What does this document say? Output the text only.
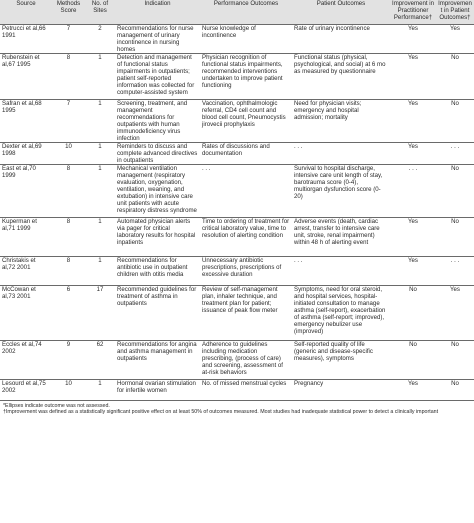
Source	Methods Score	No. of Sites	Indication	Performance Outcomes	Patient Outcomes	Improvement in Practitioner Performance†	Improvement in Patient Outcomes†
Petrucci et al,66 1991	7	2	Recommendations for nurse management of urinary incontinence in nursing homes	Nurse knowledge of incontinence	Rate of urinary incontinence	Yes	Yes
Rubenstein et al,67 1995	8	1	Detection and management of functional status impairments in outpatients; patient self-reported information was collected for computer-assisted system	Physician recognition of functional status impairments, recommended interventions undertaken to improve patient functioning	Functional status (physical, psychological, and social) at 6 mo as measured by questionnaire	Yes	No
Safran et al,68 1995	7	1	Screening, treatment, and management recommendations for outpatients with human immunodeficiency virus infection	Vaccination, ophthalmologic referral, CD4 cell count and blood cell count, Pneumocystis jirovecii prophylaxis	Need for physician visits; emergency and hospital admission; mortality	Yes	No
Dexter et al,69 1998	10	1	Reminders to discuss and complete advanced directives in outpatients	Rates of discussions and documentation	. . .	Yes	. . .
East et al,70 1999	8	1	Mechanical ventilation management (respiratory evaluation, oxygenation, ventilation, weaning, and extubation) in intensive care unit patients with acute respiratory distress syndrome	. . .	Survival to hospital discharge, intensive care unit length of stay, barotrauma score (0-4), multiorgan dysfunction score (0-20)	. . .	No
Kuperman et al,71 1999	8	1	Automated physician alerts via pager for critical laboratory results for hospital inpatients	Time to ordering of treatment for critical laboratory value, time to resolution of alerting condition	Adverse events (death, cardiac arrest, transfer to intensive care unit, stroke, renal impairment) within 48 h of alerting event	Yes	No
Christakis et al,72 2001	8	1	Recommendations for antibiotic use in outpatient children with otitis media	Unnecessary antibiotic prescriptions, prescriptions of excessive duration	. . .	Yes	. . .
McCowan et al,73 2001	6	17	Recommended guidelines for treatment of asthma in outpatients	Review of self-management plan, inhaler technique, and treatment plan for patient; issuance of peak flow meter	Symptoms, need for oral steroid, and hospital services, hospital-initiated consultation to manage asthma (self-report), exacerbation of asthma (self-report; improved), emergency nebulizer use (improved)	No	Yes
Eccles et al,74 2002	9	62	Recommendations for angina and asthma management in outpatients	Adherence to guidelines including medication prescribing, (process of care) and screening, assessment of at-risk behaviors	Self-reported quality of life (generic and disease-specific measures), symptoms	No	No
Lesourd et al,75 2002	10	1	Hormonal ovarian stimulation for infertile women	No. of missed menstrual cycles	Pregnancy	Yes	No
*Ellipses indicate outcome was not assessed.
†Improvement was defined as a statistically significant positive effect on at least 50% of outcomes measured. Most studies had inadequate statistical power to detect a clinically important
